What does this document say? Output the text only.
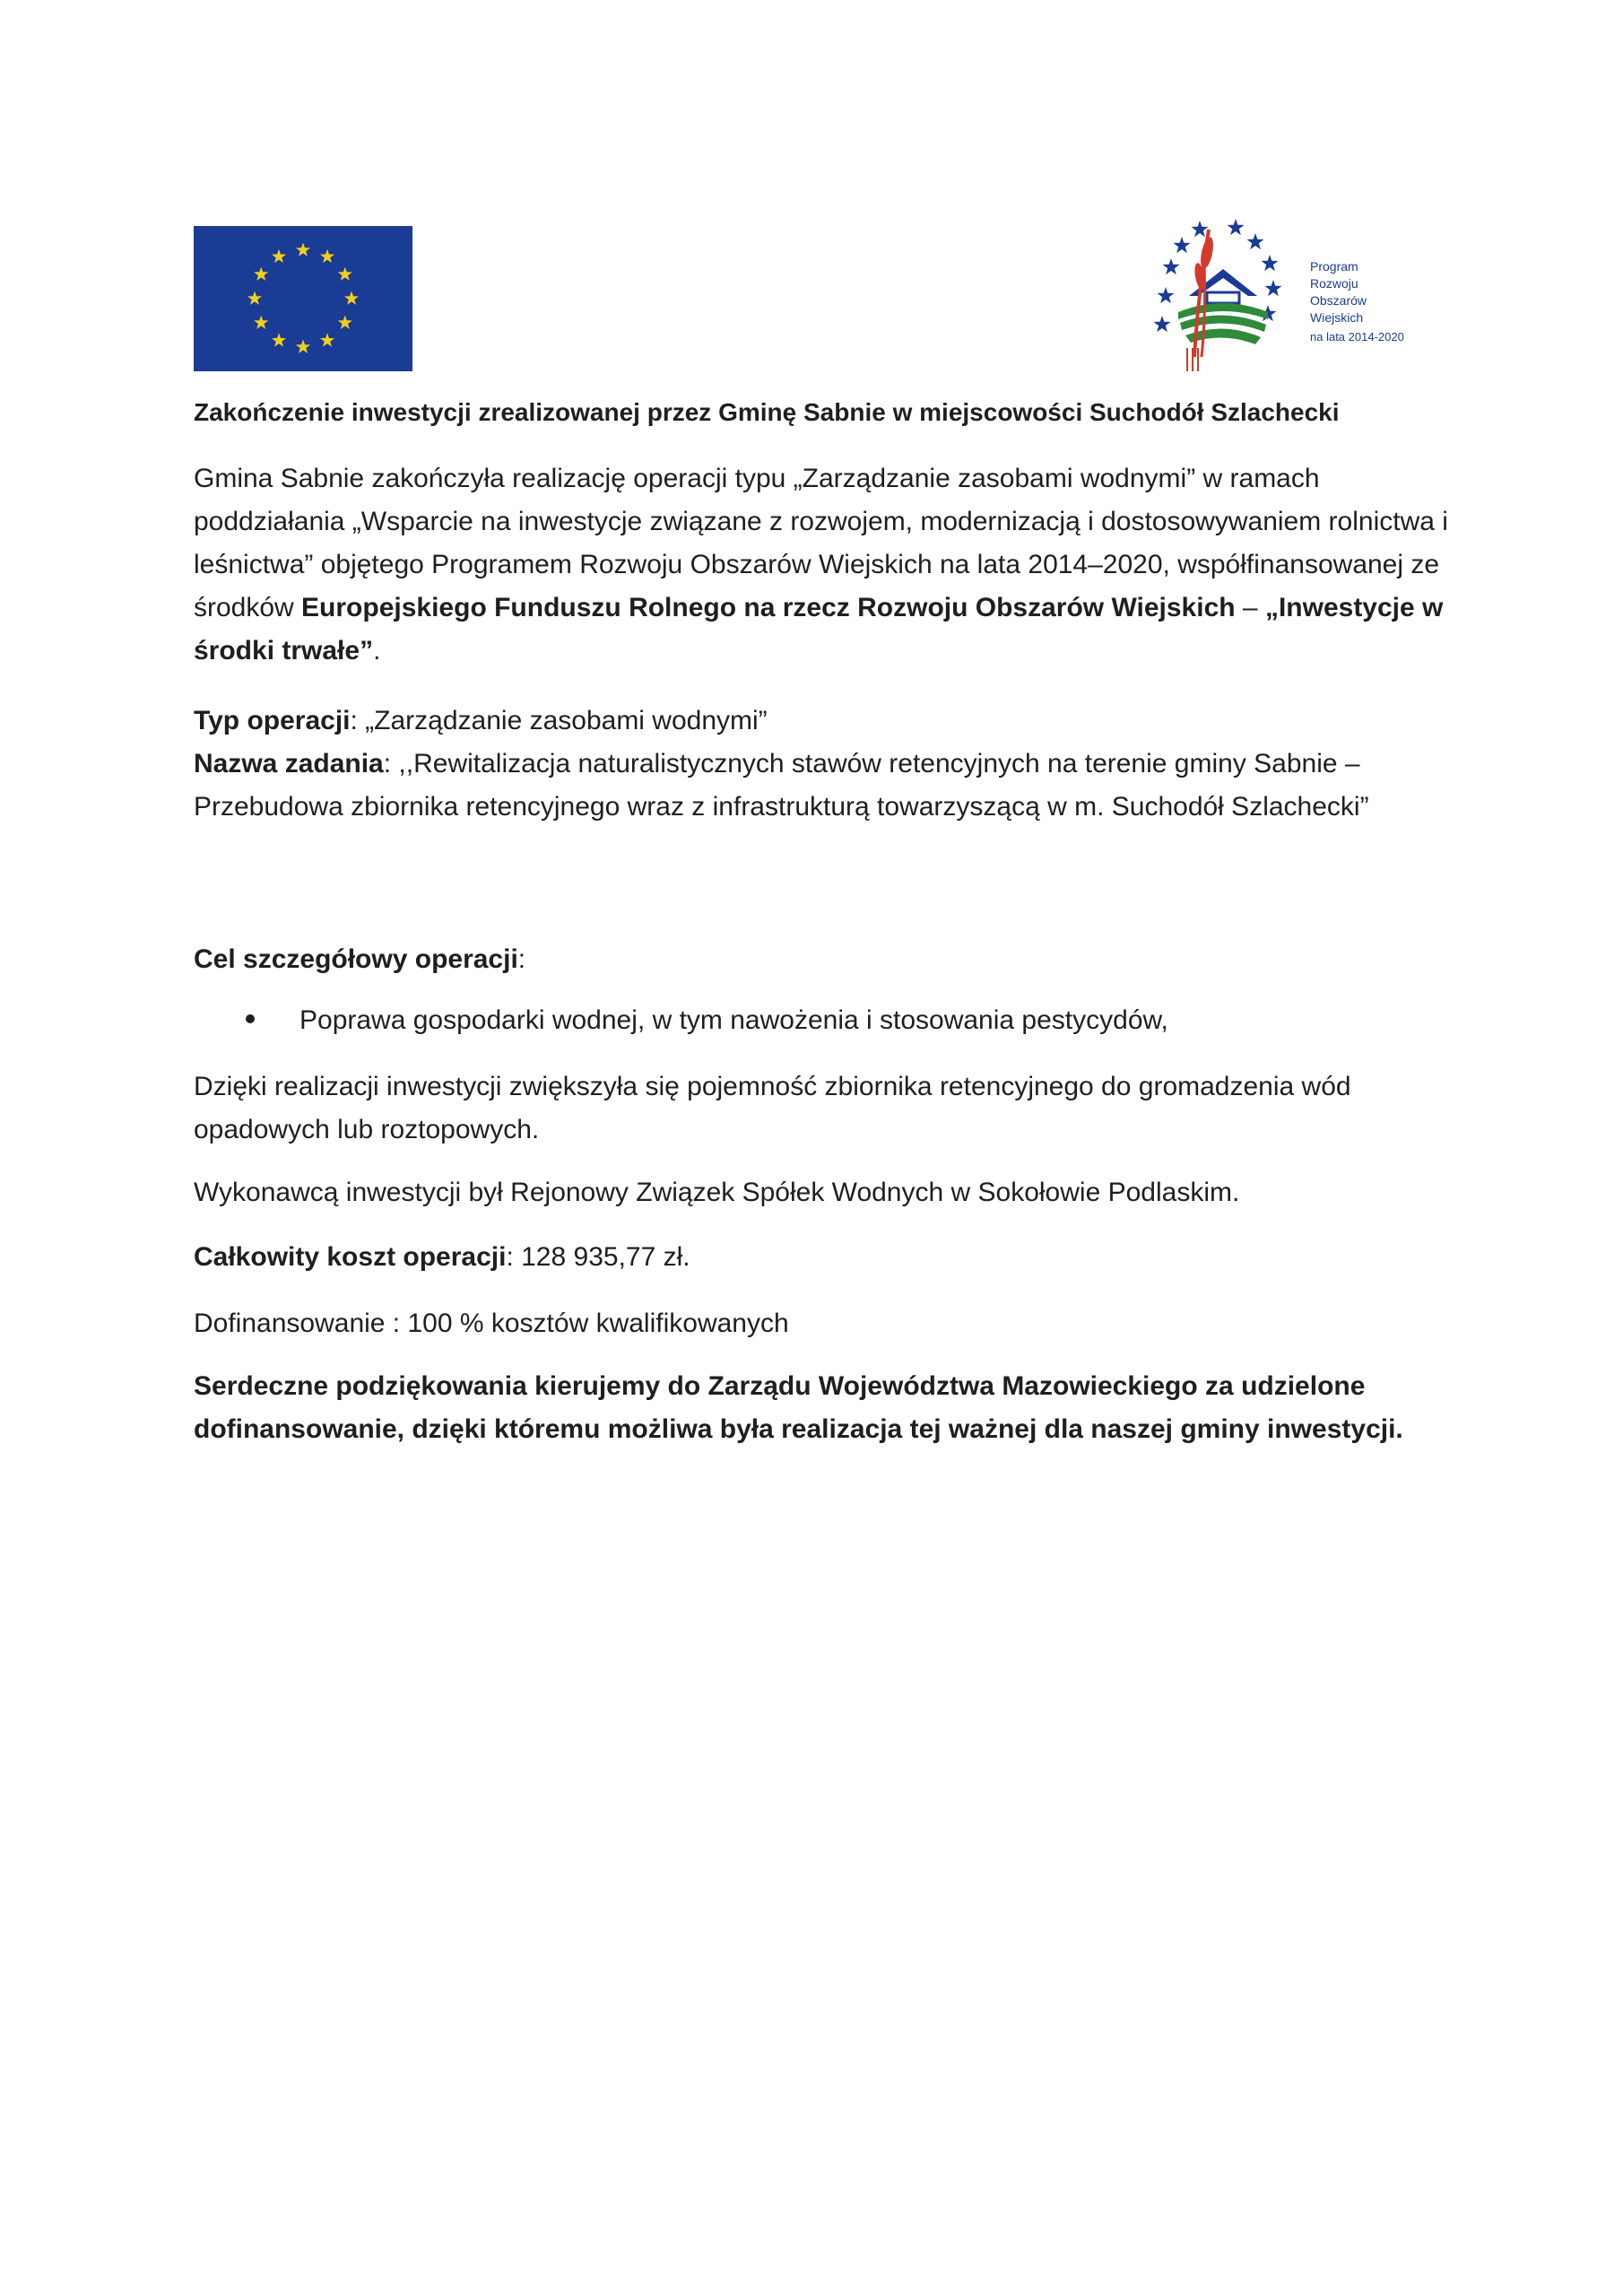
Program
Rozwoju
Obszarów
Wiejskich
na lata 2014-2020
Zakończenie inwestycji zrealizowanej przez Gminę Sabnie w miejscowości Suchodół Szlachecki
Gmina Sabnie zakończyła realizację operacji typu „Zarządzanie zasobami wodnymi” w ramach poddziałania „Wsparcie na inwestycje związane z rozwojem, modernizacją i dostosowywaniem rolnictwa i leśnictwa” objętego Programem Rozwoju Obszarów Wiejskich na lata 2014–2020, współfinansowanej ze środków Europejskiego Funduszu Rolnego na rzecz Rozwoju Obszarów Wiejskich – „Inwestycje w środki trwałe”.
Typ operacji: „Zarządzanie zasobami wodnymi”
Nazwa zadania: ,,Rewitalizacja naturalistycznych stawów retencyjnych na terenie gminy Sabnie – Przebudowa zbiornika retencyjnego wraz z infrastrukturą towarzyszącą w m. Suchodół Szlachecki”
Cel szczegółowy operacji:
Poprawa gospodarki wodnej, w tym nawożenia i stosowania pestycydów,
Dzięki realizacji inwestycji zwiększyła się pojemność zbiornika retencyjnego do gromadzenia wód opadowych lub roztopowych.
Wykonawcą inwestycji był Rejonowy Związek Spółek Wodnych w Sokołowie Podlaskim.
Całkowity koszt operacji: 128 935,77 zł.
Dofinansowanie : 100 % kosztów kwalifikowanych
Serdeczne podziękowania kierujemy do Zarządu Województwa Mazowieckiego za udzielone dofinansowanie, dzięki któremu możliwa była realizacja tej ważnej dla naszej gminy inwestycji.
